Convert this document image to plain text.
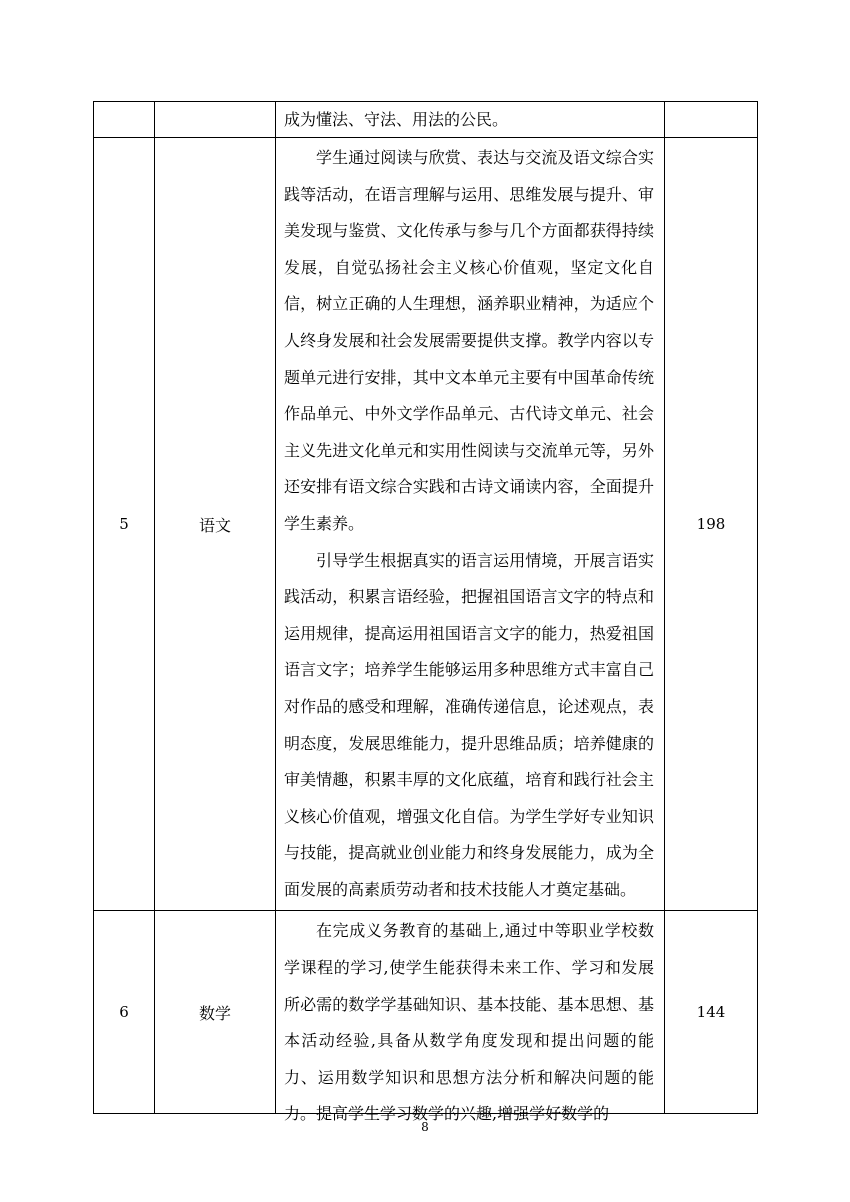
		成为懂法、守法、用法的公民。	

5	语文	学生通过阅读与欣赏、表达与交流及语文综合实践等活动，在语言理解与运用、思维发展与提升、审美发现与鉴赏、文化传承与参与几个方面都获得持续发展，自觉弘扬社会主义核心价值观，坚定文化自信，树立正确的人生理想，涵养职业精神，为适应个人终身发展和社会发展需要提供支撑。教学内容以专题单元进行安排，其中文本单元主要有中国革命传统作品单元、中外文学作品单元、古代诗文单元、社会主义先进文化单元和实用性阅读与交流单元等，另外还安排有语文综合实践和古诗文诵读内容，全面提升学生素养。

引导学生根据真实的语言运用情境，开展言语实践活动，积累言语经验，把握祖国语言文字的特点和运用规律，提高运用祖国语言文字的能力，热爱祖国语言文字；培养学生能够运用多种思维方式丰富自己对作品的感受和理解，准确传递信息，论述观点，表明态度，发展思维能力，提升思维品质；培养健康的审美情趣，积累丰厚的文化底蕴，培育和践行社会主义核心价值观，增强文化自信。为学生学好专业知识与技能，提高就业创业能力和终身发展能力，成为全面发展的高素质劳动者和技术技能人才奠定基础。	198
6	数学	在完成义务教育的基础上,通过中等职业学校数学课程的学习,使学生能获得未来工作、学习和发展所必需的数学学基础知识、基本技能、基本思想、基本活动经验,具备从数学角度发现和提出问题的能力、运用数学知识和思想方法分析和解决问题的能力。提高学生学习数学的兴趣,增强学好数学的	144
8
